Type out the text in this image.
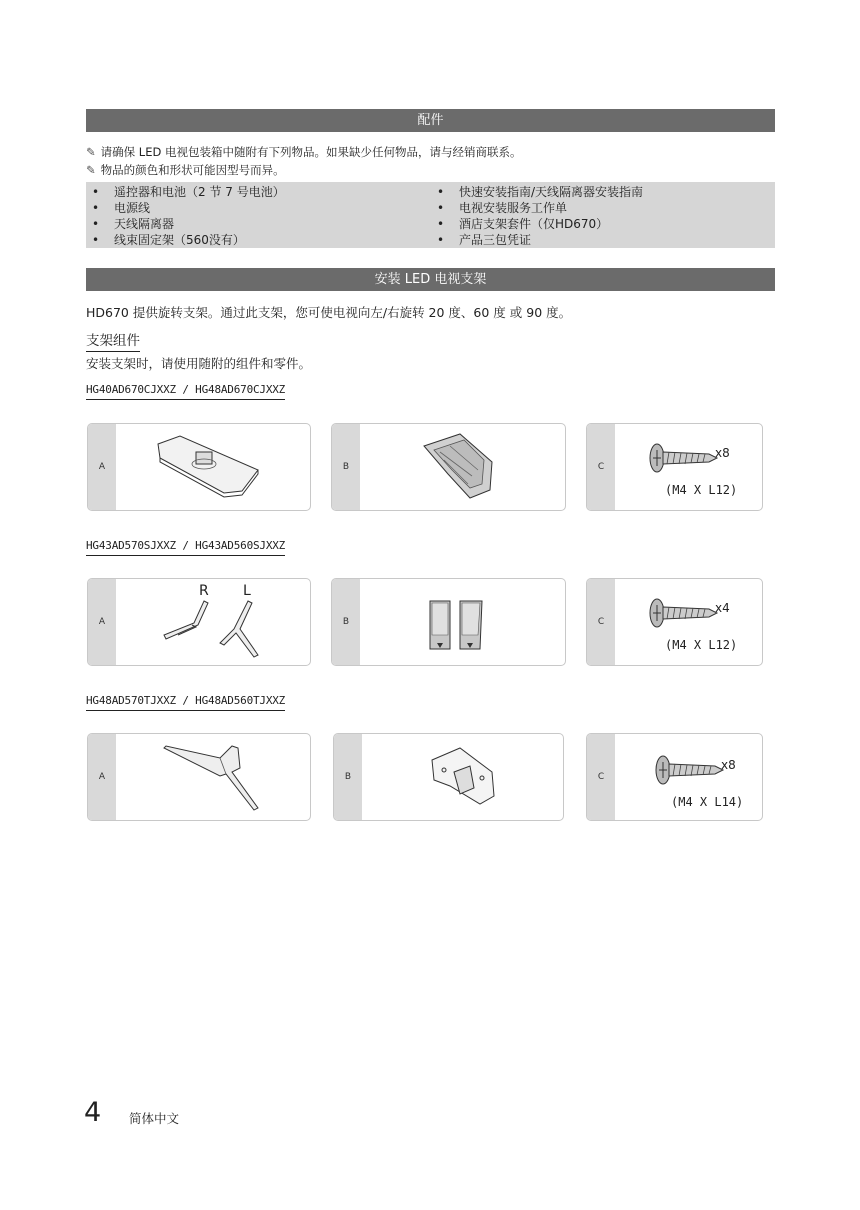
配件
✎ 请确保 LED 电视包装箱中随附有下列物品。如果缺少任何物品，请与经销商联系。
✎ 物品的颜色和形状可能因型号而异。
• 遥控器和电池（2 节 7 号电池）
• 电源线
• 天线隔离器
• 线束固定架（560没有）
• 快速安装指南/天线隔离器安装指南
• 电视安装服务工作单
• 酒店支架套件（仅HD670）
• 产品三包凭证
安装 LED 电视支架
HD670 提供旋转支架。通过此支架，您可使电视向左/右旋转 20 度、60 度 或 90 度。
支架组件
安装支架时，请使用随附的组件和零件。
HG40AD670CJXXZ / HG48AD670CJXXZ
A	B	C
x8
(M4 X L12)
HG43AD570SJXXZ / HG43AD560SJXXZ
A
R L
B	C
x4
(M4 X L12)
HG48AD570TJXXZ / HG48AD560TJXXZ
A	B	C
x8
(M4 X L14)
4 简体中文
